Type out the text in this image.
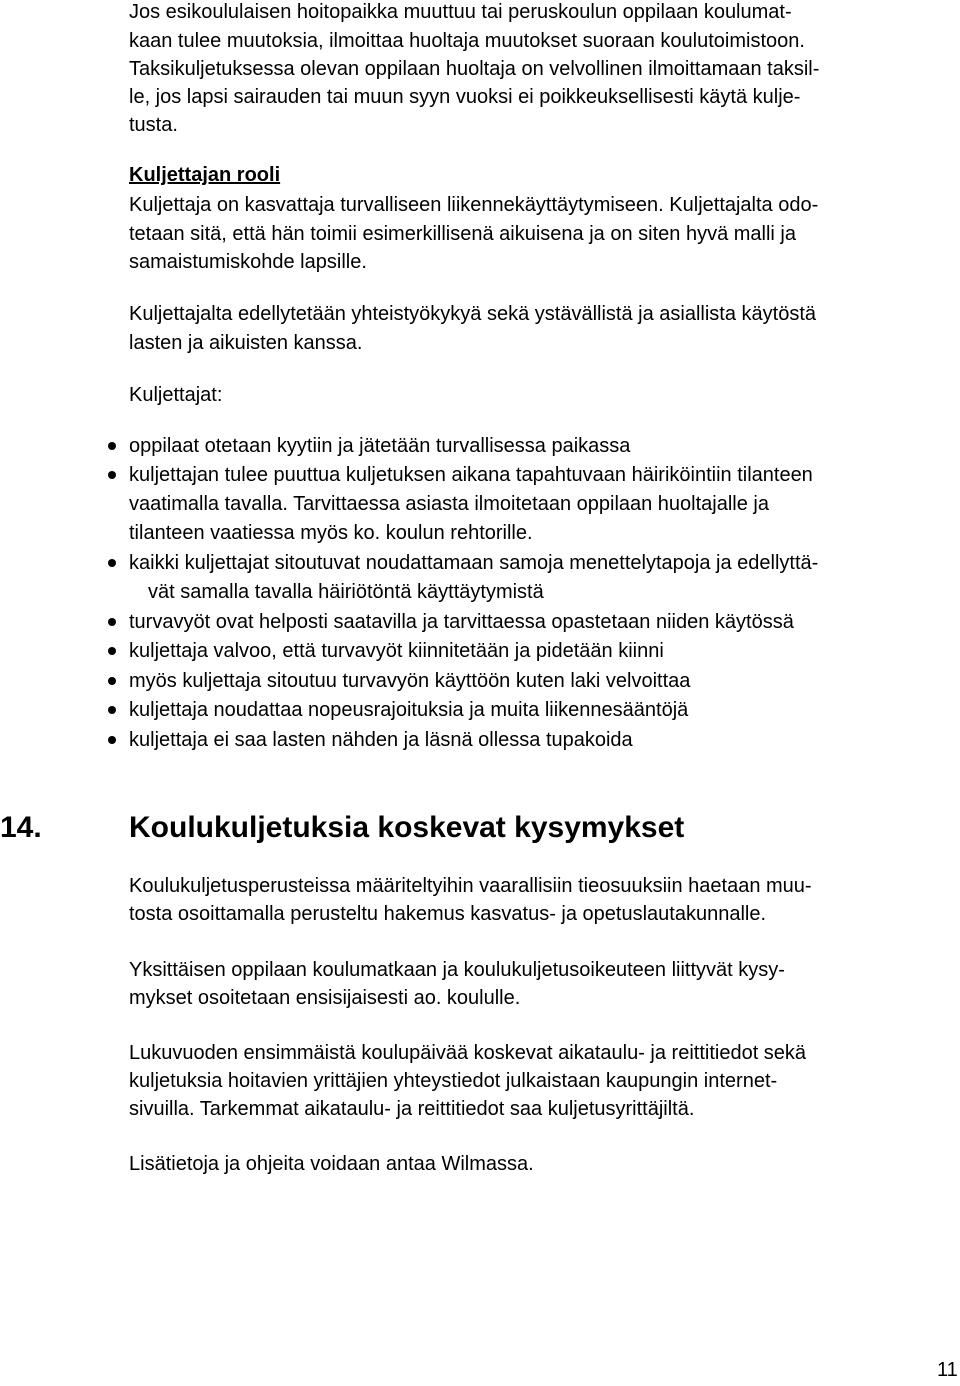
Jos esikoululaisen hoitopaikka muuttuu tai peruskoulun oppilaan koulumat-
kaan tulee muutoksia, ilmoittaa huoltaja muutokset suoraan koulutoimistoon.
Taksikuljetuksessa olevan oppilaan huoltaja on velvollinen ilmoittamaan taksil-
le, jos lapsi sairauden tai muun syyn vuoksi ei poikkeuksellisesti käytä kulje-
tusta.
Kuljettajan rooli
Kuljettaja on kasvattaja turvalliseen liikennekäyttäytymiseen. Kuljettajalta odo-
tetaan sitä, että hän toimii esimerkillisenä aikuisena ja on siten hyvä malli ja
samaistumiskohde lapsille.
Kuljettajalta edellytetään yhteistyökykyä sekä ystävällistä ja asiallista käytöstä
lasten ja aikuisten kanssa.
Kuljettajat:
oppilaat otetaan kyytiin ja jätetään turvallisessa paikassa
kuljettajan tulee puuttua kuljetuksen aikana tapahtuvaan häiriköintiin tilanteen
vaatimalla tavalla. Tarvittaessa asiasta ilmoitetaan oppilaan huoltajalle ja
tilanteen vaatiessa myös ko. koulun rehtorille.
kaikki kuljettajat sitoutuvat noudattamaan samoja menettelytapoja ja edellyttä-
vät samalla tavalla häiriötöntä käyttäytymistä
turvavyöt ovat helposti saatavilla ja tarvittaessa opastetaan niiden käytössä
kuljettaja valvoo, että turvavyöt kiinnitetään ja pidetään kiinni
myös kuljettaja sitoutuu turvavyön käyttöön kuten laki velvoittaa
kuljettaja noudattaa nopeusrajoituksia ja muita liikennesääntöjä
kuljettaja ei saa lasten nähden ja läsnä ollessa tupakoida
14.	Koulukuljetuksia koskevat kysymykset
Koulukuljetusperusteissa määriteltyihin vaarallisiin tieosuuksiin haetaan muu-
tosta osoittamalla perusteltu hakemus kasvatus- ja opetuslautakunnalle.
Yksittäisen oppilaan koulumatkaan ja koulukuljetusoikeuteen liittyvät kysy-
mykset osoitetaan ensisijaisesti ao. koululle.
Lukuvuoden ensimmäistä koulupäivää koskevat aikataulu- ja reittitiedot sekä
kuljetuksia hoitavien yrittäjien yhteystiedot julkaistaan kaupungin internet-
sivuilla. Tarkemmat aikataulu- ja reittitiedot saa kuljetusyrittäjiltä.
Lisätietoja ja ohjeita voidaan antaa Wilmassa.
11
